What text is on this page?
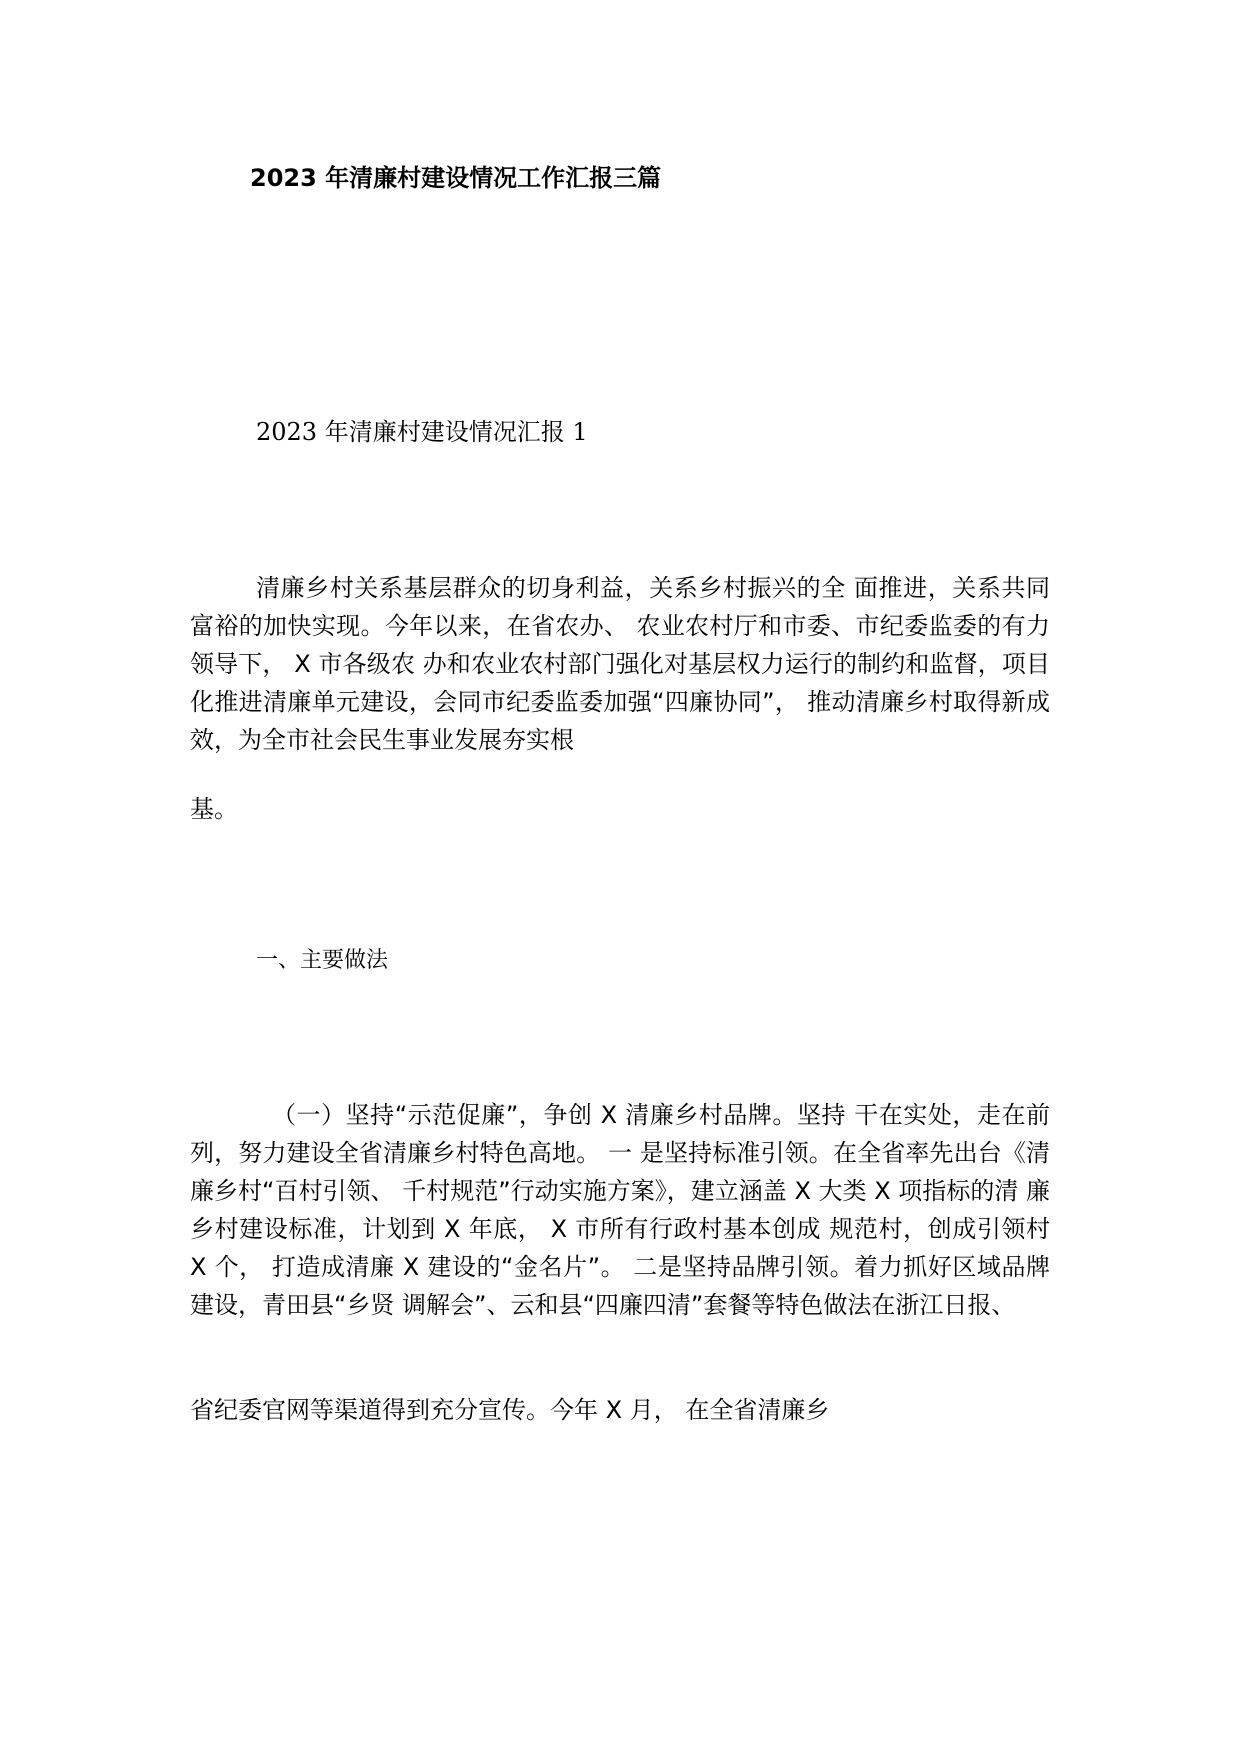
2023 年清廉村建设情况工作汇报三篇
2023 年清廉村建设情况汇报 1
清廉乡村关系基层群众的切身利益，关系乡村振兴的全 面推进，关系共同富裕的加快实现。今年以来，在省农办、 农业农村厅和市委、市纪委监委的有力领导下， X 市各级农 办和农业农村部门强化对基层权力运行的制约和监督，项目 化推进清廉单元建设，会同市纪委监委加强“四廉协同”， 推动清廉乡村取得新成效，为全市社会民生事业发展夯实根
基。
一、主要做法
（一）坚持“示范促廉”，争创 X 清廉乡村品牌。坚持 干在实处，走在前列，努力建设全省清廉乡村特色高地。 一 是坚持标准引领。在全省率先出台《清廉乡村“百村引领、 千村规范”行动实施方案》，建立涵盖 X 大类 X 项指标的清 廉乡村建设标准，计划到 X 年底， X 市所有行政村基本创成 规范村，创成引领村 X 个， 打造成清廉 X 建设的“金名片”。 二是坚持品牌引领。着力抓好区域品牌建设，青田县“乡贤 调解会”、云和县“四廉四清”套餐等特色做法在浙江日报、
省纪委官网等渠道得到充分宣传。今年 X 月， 在全省清廉乡
